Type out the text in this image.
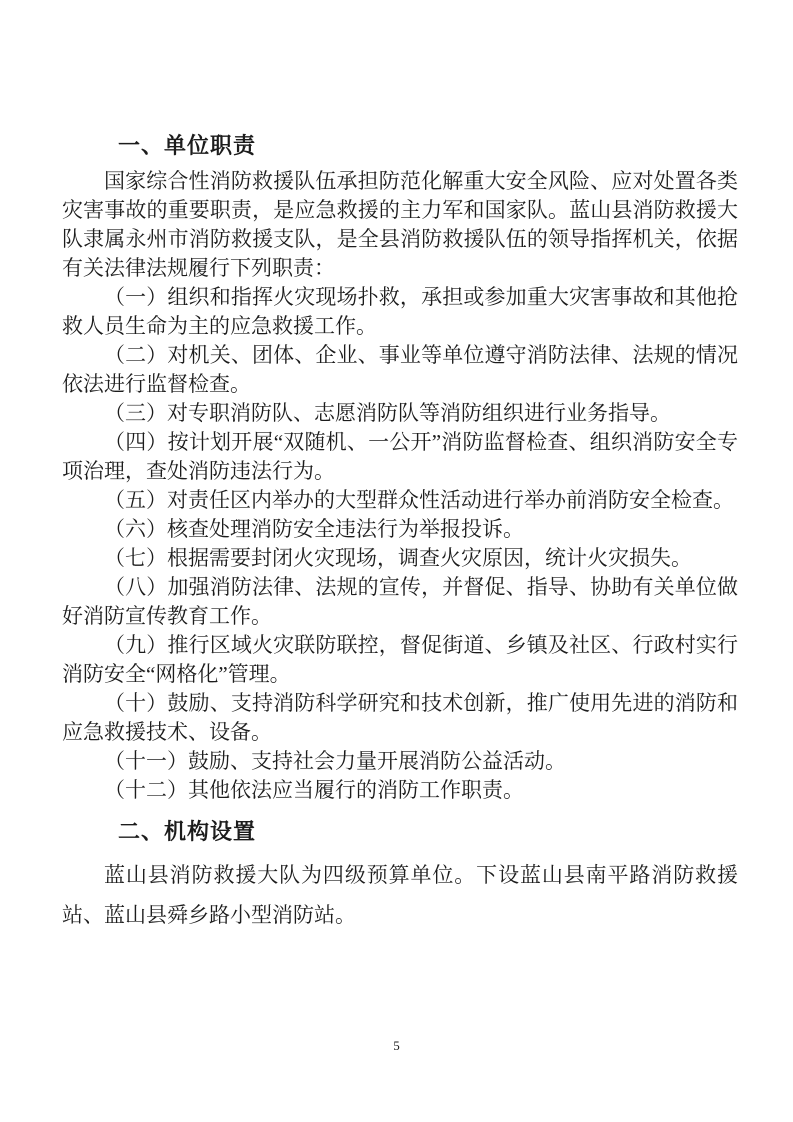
一、单位职责

国家综合性消防救援队伍承担防范化解重大安全风险、应对处置各类灾害事故的重要职责，是应急救援的主力军和国家队。蓝山县消防救援大队隶属永州市消防救援支队，是全县消防救援队伍的领导指挥机关，依据有关法律法规履行下列职责：

（一）组织和指挥火灾现场扑救，承担或参加重大灾害事故和其他抢救人员生命为主的应急救援工作。

（二）对机关、团体、企业、事业等单位遵守消防法律、法规的情况依法进行监督检查。

（三）对专职消防队、志愿消防队等消防组织进行业务指导。

（四）按计划开展“双随机、一公开”消防监督检查、组织消防安全专项治理，查处消防违法行为。

（五）对责任区内举办的大型群众性活动进行举办前消防安全检查。

（六）核查处理消防安全违法行为举报投诉。

（七）根据需要封闭火灾现场，调查火灾原因，统计火灾损失。

（八）加强消防法律、法规的宣传，并督促、指导、协助有关单位做好消防宣传教育工作。

（九）推行区域火灾联防联控，督促街道、乡镇及社区、行政村实行消防安全“网格化”管理。

（十）鼓励、支持消防科学研究和技术创新，推广使用先进的消防和应急救援技术、设备。

（十一）鼓励、支持社会力量开展消防公益活动。

（十二）其他依法应当履行的消防工作职责。

二、机构设置

蓝山县消防救援大队为四级预算单位。下设蓝山县南平路消防救援站、蓝山县舜乡路小型消防站。

5
